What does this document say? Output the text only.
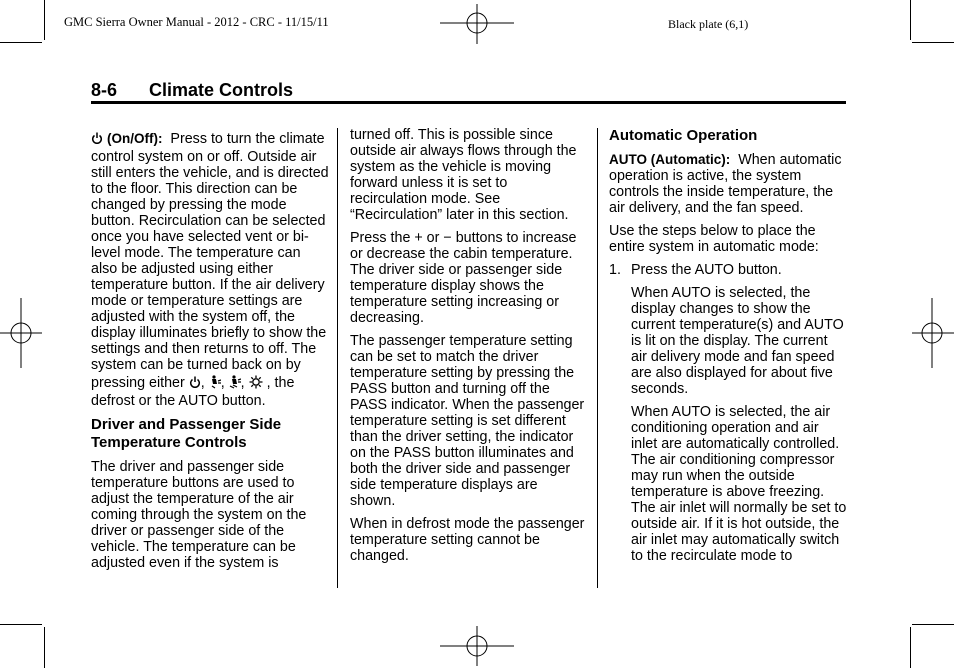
GMC Sierra Owner Manual - 2012 - CRC - 11/15/11	Black plate (6,1)
8-6 Climate Controls

(On/Off): Press to turn the climate control system on or off. Outside air still enters the vehicle, and is directed to the floor. This direction can be changed by pressing the mode button. Recirculation can be selected once you have selected vent or bi-level mode. The temperature can also be adjusted using either temperature button. If the air delivery mode or temperature settings are adjusted with the system off, the display illuminates briefly to show the settings and then returns to off. The system can be turned back on by

pressing either , , ,  , the defrost or the AUTO button.

Driver and Passenger Side Temperature Controls

The driver and passenger side temperature buttons are used to adjust the temperature of the air coming through the system on the driver or passenger side of the vehicle. The temperature can be adjusted even if the system is

turned off. This is possible since outside air always flows through the system as the vehicle is moving forward unless it is set to recirculation mode. See “Recirculation” later in this section.

Press the + or − buttons to increase or decrease the cabin temperature. The driver side or passenger side temperature display shows the temperature setting increasing or decreasing.

The passenger temperature setting can be set to match the driver temperature setting by pressing the PASS button and turning off the PASS indicator. When the passenger temperature setting is set different than the driver setting, the indicator on the PASS button illuminates and both the driver side and passenger side temperature displays are shown.

When in defrost mode the passenger temperature setting cannot be changed.

Automatic Operation

AUTO (Automatic): When automatic operation is active, the system controls the inside temperature, the air delivery, and the fan speed.

Use the steps below to place the entire system in automatic mode:

1. Press the AUTO button.

When AUTO is selected, the display changes to show the current temperature(s) and AUTO is lit on the display. The current air delivery mode and fan speed are also displayed for about five seconds.

When AUTO is selected, the air conditioning operation and air inlet are automatically controlled. The air conditioning compressor may run when the outside temperature is above freezing. The air inlet will normally be set to outside air. If it is hot outside, the air inlet may automatically switch to the recirculate mode to
